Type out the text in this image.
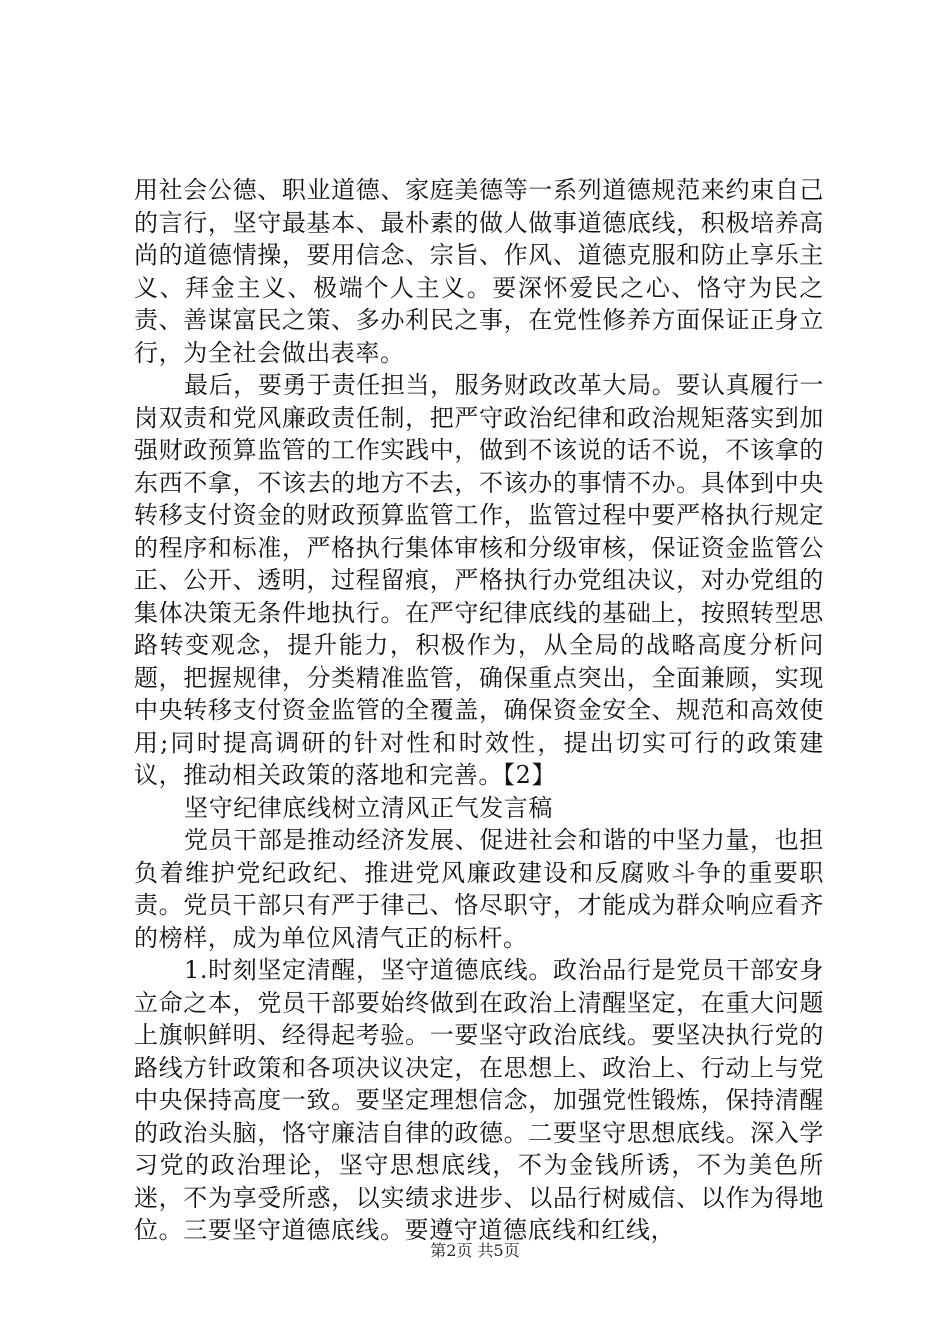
用社会公德、职业道德、家庭美德等一系列道德规范来约束自己的言行，坚守最基本、最朴素的做人做事道德底线，积极培养高尚的道德情操，要用信念、宗旨、作风、道德克服和防止享乐主义、拜金主义、极端个人主义。要深怀爱民之心、恪守为民之责、善谋富民之策、多办利民之事，在党性修养方面保证正身立行，为全社会做出表率。

最后，要勇于责任担当，服务财政改革大局。要认真履行一岗双责和党风廉政责任制，把严守政治纪律和政治规矩落实到加强财政预算监管的工作实践中，做到不该说的话不说，不该拿的东西不拿，不该去的地方不去，不该办的事情不办。具体到中央转移支付资金的财政预算监管工作，监管过程中要严格执行规定的程序和标准，严格执行集体审核和分级审核，保证资金监管公正、公开、透明，过程留痕，严格执行办党组决议，对办党组的集体决策无条件地执行。在严守纪律底线的基础上，按照转型思路转变观念，提升能力，积极作为，从全局的战略高度分析问题，把握规律，分类精准监管，确保重点突出，全面兼顾，实现中央转移支付资金监管的全覆盖，确保资金安全、规范和高效使用;同时提高调研的针对性和时效性，提出切实可行的政策建议，推动相关政策的落地和完善。【2】

坚守纪律底线树立清风正气发言稿

党员干部是推动经济发展、促进社会和谐的中坚力量，也担负着维护党纪政纪、推进党风廉政建设和反腐败斗争的重要职责。党员干部只有严于律己、恪尽职守，才能成为群众响应看齐的榜样，成为单位风清气正的标杆。

1.时刻坚定清醒，坚守道德底线。政治品行是党员干部安身立命之本，党员干部要始终做到在政治上清醒坚定，在重大问题上旗帜鲜明、经得起考验。一要坚守政治底线。要坚决执行党的路线方针政策和各项决议决定，在思想上、政治上、行动上与党中央保持高度一致。要坚定理想信念，加强党性锻炼，保持清醒的政治头脑，恪守廉洁自律的政德。二要坚守思想底线。深入学习党的政治理论，坚守思想底线，不为金钱所诱，不为美色所迷，不为享受所惑，以实绩求进步、以品行树威信、以作为得地位。三要坚守道德底线。要遵守道德底线和红线，

第2页 共5页
